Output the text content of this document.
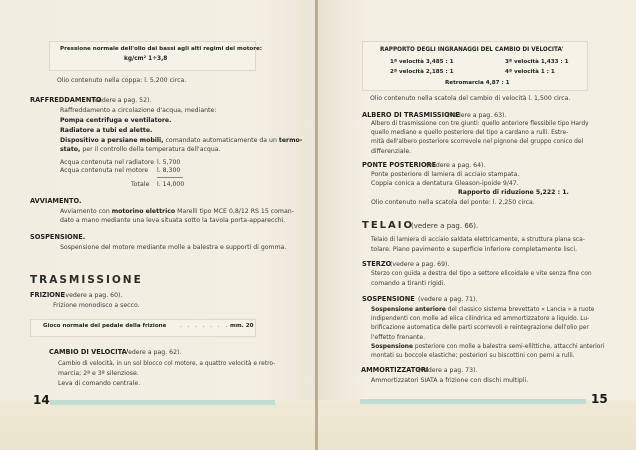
Pressione normale dell'olio dai bassi agli alti regimi del motore:
kg/cm² 1÷3,8
Olio contenuto nella coppa: l. 5,200 circa.
RAFFREDDAMENTO
(vedere a pag. 52).
Raffreddamento a circolazione d'acqua, mediante:
Pompa centrifuga e ventilatore.
Radiatore a tubi ed alette.
Dispositivo a persiane mobili, comandato automaticamente da un termo-
stato, per il controllo della temperatura dell'acqua.
Acqua contenuta nel radiatore l. 5,700
Acqua contenuta nel motore l. 8,300
Totale l. 14,000
AVVIAMENTO.
Avviamento con motorino elettrico Marelli tipo MCE 0,8/12 RS 15 coman-
dato a mano mediante una leva situata sotto la tavola porta-apparecchi.
SOSPENSIONE.
Sospensione del motore mediante molle a balestra e supporti di gomma.
TRASMISSIONE
FRIZIONE
(vedere a pag. 60).
Frizione monodisco a secco.
Gioco normale del pedale della frizione . . . . . . . mm. 20
CAMBIO DI VELOCITA'
(vedere a pag. 62).
Cambio di velocità, in un sol blocco col motore, a quattro velocità e retro-
marcia; 2ª e 3ª silenziose.
Leva di comando centrale.
14
RAPPORTO DEGLI INGRANAGGI DEL CAMBIO DI VELOCITA'
1ª velocità 3,485 : 1	3ª velocità 1,433 : 1
2ª velocità 2,185 : 1	4ª velocità 1 : 1
Retromarcia 4,87 : 1
Olio contenuto nella scatola del cambio di velocità l. 1,500 circa.
ALBERO DI TRASMISSIONE
(vedere a pag. 63).
Albero di trasmissione con tre giunti: quello anteriore flessibile tipo Hardy
quello mediano e quello posteriore del tipo a cardano a rulli. Estre-
mità dell'albero posteriore scorrevole nel pignone del gruppo conico del
differenziale.
PONTE POSTERIORE
(vedere a pag. 64).
Ponte posteriore di lamiera di acciaio stampata.
Coppia conica a dentatura Gleason-ipoide 9/47.
Rapporto di riduzione 5,222 : 1.
Olio contenuto nella scatola del ponte: l. 2,250 circa.
TELAIO
(vedere a pag. 66).
Telaio di lamiera di acciaio saldata elettricamente, a struttura piana sca-
tolare. Piano pavimento e superficie inferiore completamente lisci.
STERZO
(vedere a pag. 69).
Sterzo con guida a destra del tipo a settore elicoidale e vite senza fine con
comando a tiranti rigidi.
SOSPENSIONE (vedere a pag. 71).
Sospensione anteriore del classico sistema brevettato « Lancia » a ruote
indipendenti con molle ad elica cilindrica ed ammortizzatore a liquido. Lu-
brificazione automatica delle parti scorrevoli e reintegrazione dell'olio per
l'effetto frenante.
Sospensione posteriore con molle a balestra semi-ellittiche, attacchi anteriori
montati su boccole elastiche; posteriori su biscottini con perni a rulli.
AMMORTIZZATORI
(vedere a pag. 73).
Ammortizzatori SIATA a frizione con dischi multipli.
15
